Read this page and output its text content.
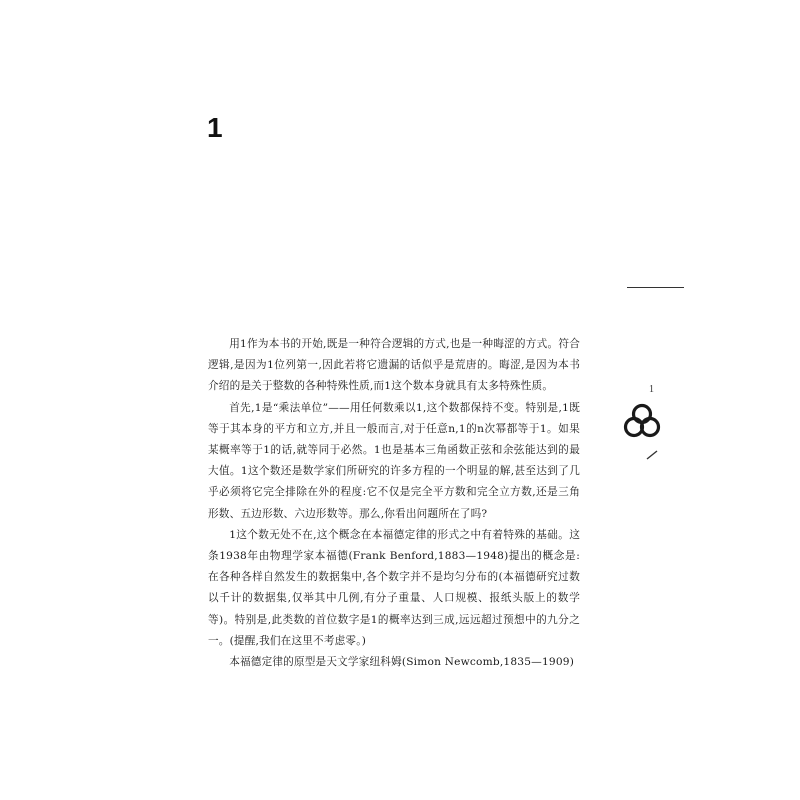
1
1

用1作为本书的开始,既是一种符合逻辑的方式,也是一种晦涩的方式。符合逻辑,是因为1位列第一,因此若将它遗漏的话似乎是荒唐的。晦涩,是因为本书介绍的是关于整数的各种特殊性质,而1这个数本身就具有太多特殊性质。

首先,1是“乘法单位”——用任何数乘以1,这个数都保持不变。特别是,1既等于其本身的平方和立方,并且一般而言,对于任意n,1的n次幂都等于1。如果某概率等于1的话,就等同于必然。1也是基本三角函数正弦和余弦能达到的最大值。1这个数还是数学家们所研究的许多方程的一个明显的解,甚至达到了几乎必须将它完全排除在外的程度:它不仅是完全平方数和完全立方数,还是三角形数、五边形数、六边形数等。那么,你看出问题所在了吗?

1这个数无处不在,这个概念在本福德定律的形式之中有着特殊的基础。这条1938年由物理学家本福德(Frank Benford,1883—1948)提出的概念是:在各种各样自然发生的数据集中,各个数字并不是均匀分布的(本福德研究过数以千计的数据集,仅举其中几例,有分子重量、人口规模、报纸头版上的数学等)。特别是,此类数的首位数字是1的概率达到三成,远远超过预想中的九分之一。(提醒,我们在这里不考虑零。)

本福德定律的原型是天文学家纽科姆(Simon Newcomb,1835—1909)
